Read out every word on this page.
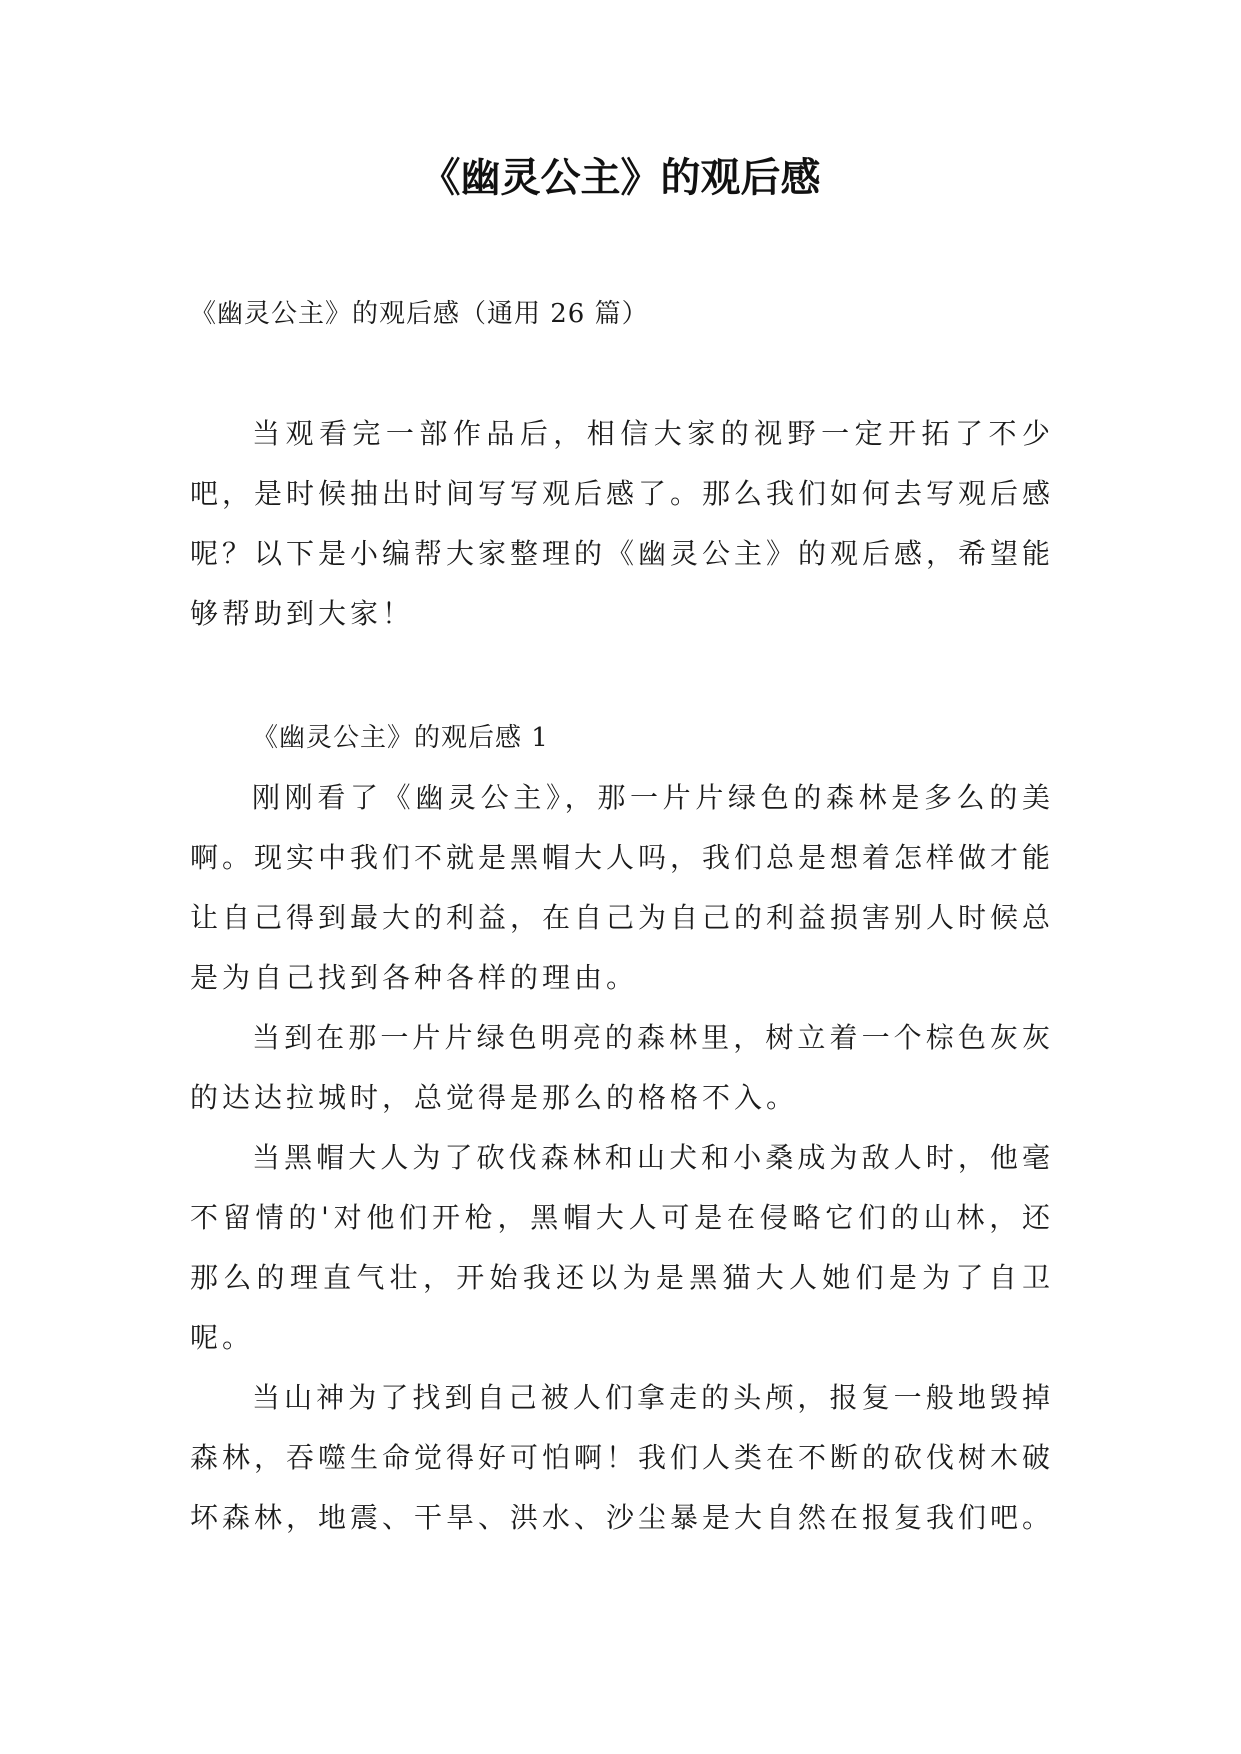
《幽灵公主》的观后感

《幽灵公主》的观后感（通用 26 篇）

当观看完一部作品后，相信大家的视野一定开拓了不少吧，是时候抽出时间写写观后感了。那么我们如何去写观后感呢？以下是小编帮大家整理的《幽灵公主》的观后感，希望能够帮助到大家！

《幽灵公主》的观后感 1

刚刚看了《幽灵公主》，那一片片绿色的森林是多么的美啊。现实中我们不就是黑帽大人吗，我们总是想着怎样做才能让自己得到最大的利益，在自己为自己的利益损害别人时候总是为自己找到各种各样的理由。

当到在那一片片绿色明亮的森林里，树立着一个棕色灰灰的达达拉城时，总觉得是那么的格格不入。

当黑帽大人为了砍伐森林和山犬和小桑成为敌人时，他毫不留情的'对他们开枪，黑帽大人可是在侵略它们的山林，还那么的理直气壮，开始我还以为是黑猫大人她们是为了自卫呢。

当山神为了找到自己被人们拿走的头颅，报复一般地毁掉森林，吞噬生命觉得好可怕啊！我们人类在不断的砍伐树木破坏森林，地震、干旱、洪水、沙尘暴是大自然在报复我们吧。
